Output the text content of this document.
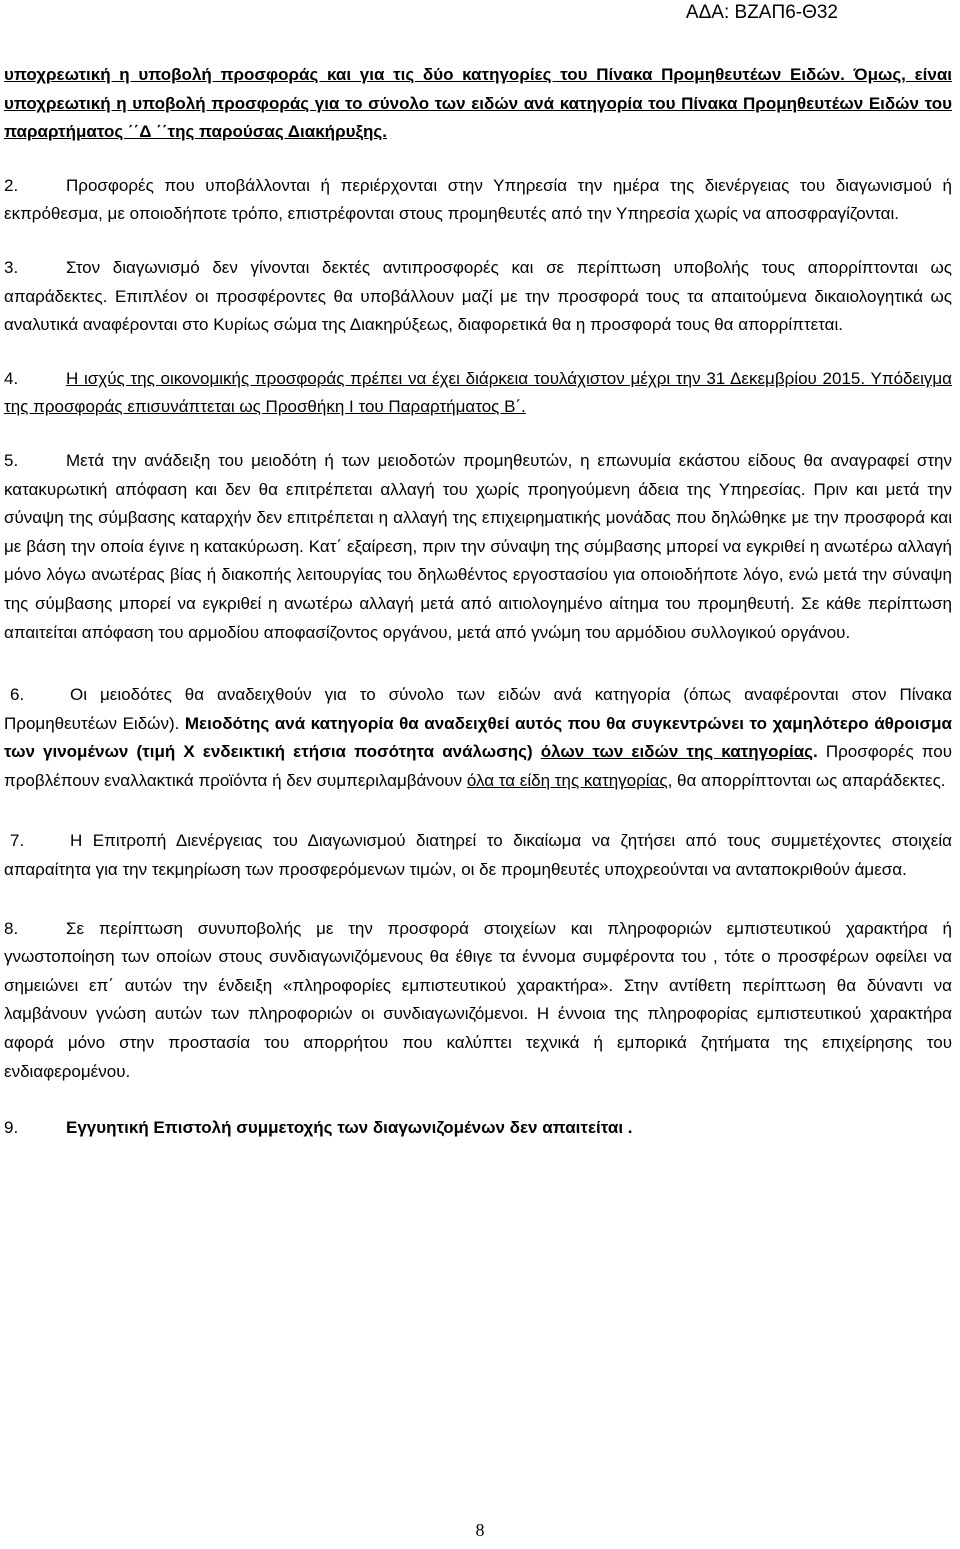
ΑΔΑ: ΒΖΑΠ6-Θ32

υποχρεωτική η υποβολή προσφοράς και για τις δύο κατηγορίες του Πίνακα Προμηθευτέων Ειδών. Όμως, είναι υποχρεωτική η υποβολή προσφοράς για το σύνολο των ειδών ανά κατηγορία του Πίνακα Προμηθευτέων Ειδών του παραρτήματος ΄΄Δ ΄΄της παρούσας Διακήρυξης.

2.	Προσφορές που υποβάλλονται ή περιέρχονται στην Υπηρεσία την ημέρα της διενέργειας του διαγωνισμού ή εκπρόθεσμα, με οποιοδήποτε τρόπο, επιστρέφονται στους προμηθευτές από την Υπηρεσία χωρίς να αποσφραγίζονται.

3.	Στον διαγωνισμό δεν γίνονται δεκτές αντιπροσφορές και σε περίπτωση υποβολής τους απορρίπτονται ως απαράδεκτες. Επιπλέον οι προσφέροντες θα υποβάλλουν μαζί με την προσφορά τους τα απαιτούμενα δικαιολογητικά ως αναλυτικά αναφέρονται στο Κυρίως σώμα της Διακηρύξεως, διαφορετικά θα η προσφορά τους θα απορρίπτεται.

4.	Η ισχύς της οικονομικής προσφοράς πρέπει να έχει διάρκεια τουλάχιστον μέχρι την 31 Δεκεμβρίου 2015. Υπόδειγμα της προσφοράς επισυνάπτεται ως Προσθήκη Ι του Παραρτήματος Β΄.

5.	Μετά την ανάδειξη του μειοδότη ή των μειοδοτών προμηθευτών, η επωνυμία εκάστου είδους θα αναγραφεί στην κατακυρωτική απόφαση και δεν θα επιτρέπεται αλλαγή του χωρίς προηγούμενη άδεια της Υπηρεσίας. Πριν και μετά την σύναψη της σύμβασης καταρχήν δεν επιτρέπεται η αλλαγή της επιχειρηματικής μονάδας που δηλώθηκε με την προσφορά και με βάση την οποία έγινε η κατακύρωση. Κατ΄ εξαίρεση, πριν την σύναψη της σύμβασης μπορεί να εγκριθεί η ανωτέρω αλλαγή μόνο λόγω ανωτέρας βίας ή διακοπής λειτουργίας του δηλωθέντος εργοστασίου για οποιοδήποτε λόγο, ενώ μετά την σύναψη της σύμβασης μπορεί να εγκριθεί η ανωτέρω αλλαγή μετά από αιτιολογημένο αίτημα του προμηθευτή. Σε κάθε περίπτωση απαιτείται απόφαση του αρμοδίου αποφασίζοντος οργάνου, μετά από γνώμη του αρμόδιου συλλογικού οργάνου.

6.	Οι μειοδότες θα αναδειχθούν για το σύνολο των ειδών ανά κατηγορία (όπως αναφέρονται στον Πίνακα Προμηθευτέων Ειδών). Μειοδότης ανά κατηγορία θα αναδειχθεί αυτός που θα συγκεντρώνει το χαμηλότερο άθροισμα των γινομένων (τιμή Χ ενδεικτική ετήσια ποσότητα ανάλωσης) όλων των ειδών της κατηγορίας. Προσφορές που προβλέπουν εναλλακτικά προϊόντα ή δεν συμπεριλαμβάνουν όλα τα είδη της κατηγορίας, θα απορρίπτονται ως απαράδεκτες.

7.	Η Επιτροπή Διενέργειας του Διαγωνισμού διατηρεί το δικαίωμα να ζητήσει από τους συμμετέχοντες στοιχεία απαραίτητα για την τεκμηρίωση των προσφερόμενων τιμών, οι δε προμηθευτές υποχρεούνται να ανταποκριθούν άμεσα.

8.	Σε περίπτωση συνυποβολής με την προσφορά στοιχείων και πληροφοριών εμπιστευτικού χαρακτήρα ή γνωστοποίηση των οποίων στους συνδιαγωνιζόμενους θα έθιγε τα έννομα συμφέροντα του , τότε ο προσφέρων οφείλει να σημειώνει επ΄ αυτών την ένδειξη «πληροφορίες εμπιστευτικού χαρακτήρα». Στην αντίθετη περίπτωση θα δύναντι να λαμβάνουν γνώση αυτών των πληροφοριών οι συνδιαγωνιζόμενοι. Η έννοια της πληροφορίας εμπιστευτικού χαρακτήρα αφορά μόνο στην προστασία του απορρήτου που καλύπτει τεχνικά ή εμπορικά ζητήματα της επιχείρησης του ενδιαφερομένου.

9.	Εγγυητική Επιστολή συμμετοχής των διαγωνιζομένων δεν απαιτείται .

8
